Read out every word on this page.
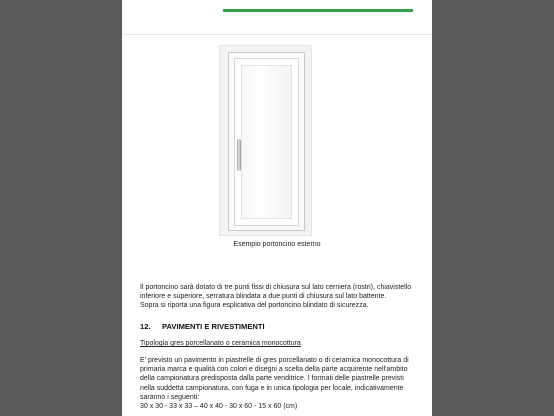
Esempio portoncino esterno

Il portoncino sarà dotato di tre punti fissi di chiusura sul lato cerniera (rostri), chiavistello
inferiore e superiore, serratura blindata a due punti di chiusura sul lato battente.
Sopra si riporta una figura esplicativa del portoncino blindato di sicurezza.

12. PAVIMENTI E RIVESTIMENTI
Tipologia gres porcellanato o ceramica monocottura

E' previsto un pavimento in piastrelle di gres porcellanato o di ceramica monocottura di
primaria marca e qualità con colori e disegni a scelta della parte acquirente nell'ambito
della campionatura predisposta dalla parte venditrice. I formati delle piastrelle previsti
nella suddetta campionatura, con fuga e in unica tipologia per locale, indicativamente
saranno i seguenti:
30 x 30 - 33 x 33 – 40 x 40 - 30 x 60 - 15 x 60 (cm)
